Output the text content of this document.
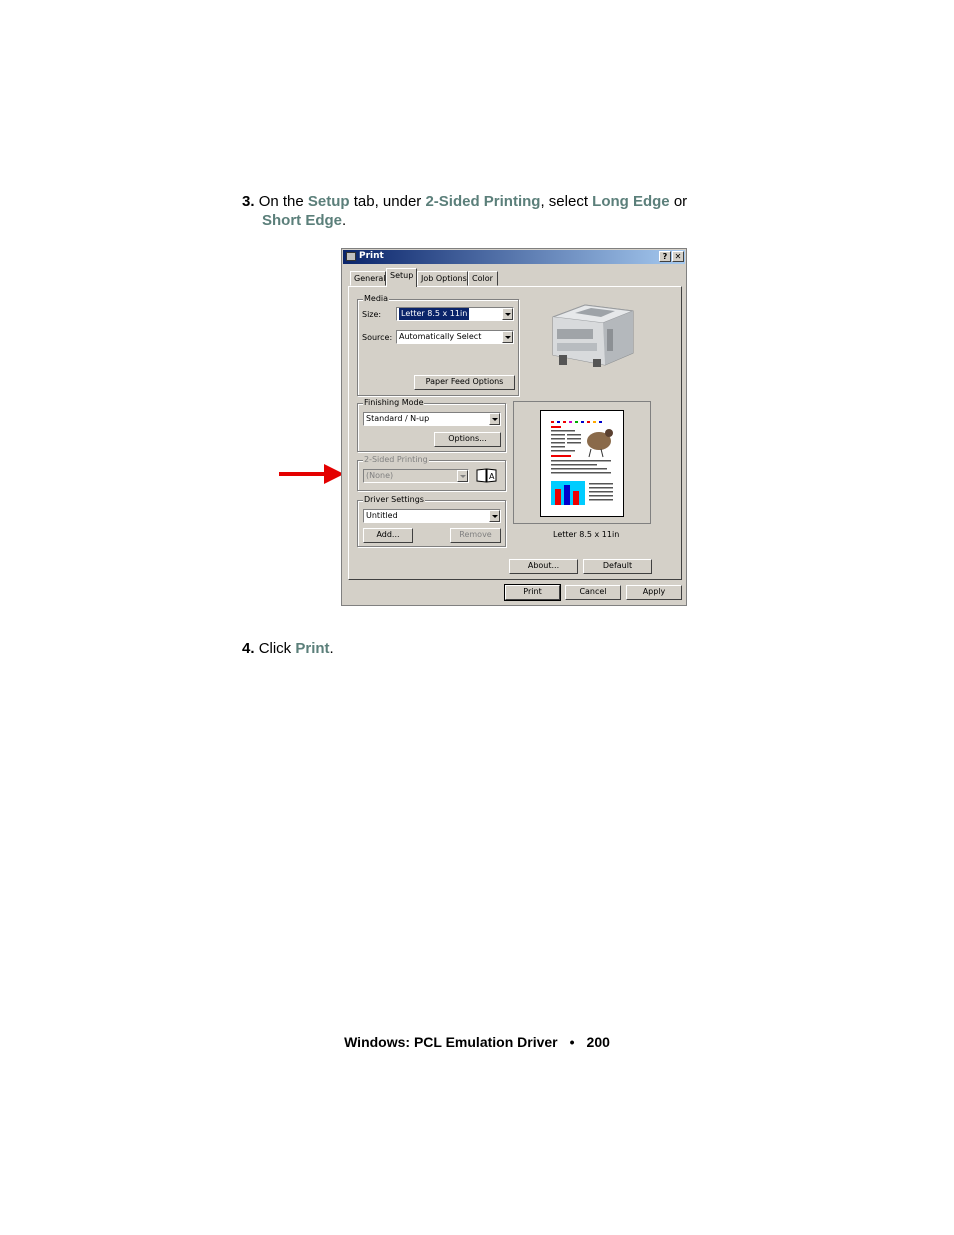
3. On the Setup tab, under 2-Sided Printing, select Long Edge or
Short Edge.
Print	? ✕
General Setup Job Options Color
Media
Size:	Letter 8.5 x 11in
Source: Automatically Select
Paper Feed Options
Finishing Mode
Standard / N-up
Options...
2-Sided Printing
(None)	A
Driver Settings
Untitled
Add...	Remove	Letter 8.5 x 11in
About...	Default
Print	Cancel	Apply
4. Click Print.
Windows: PCL Emulation Driver • 200
